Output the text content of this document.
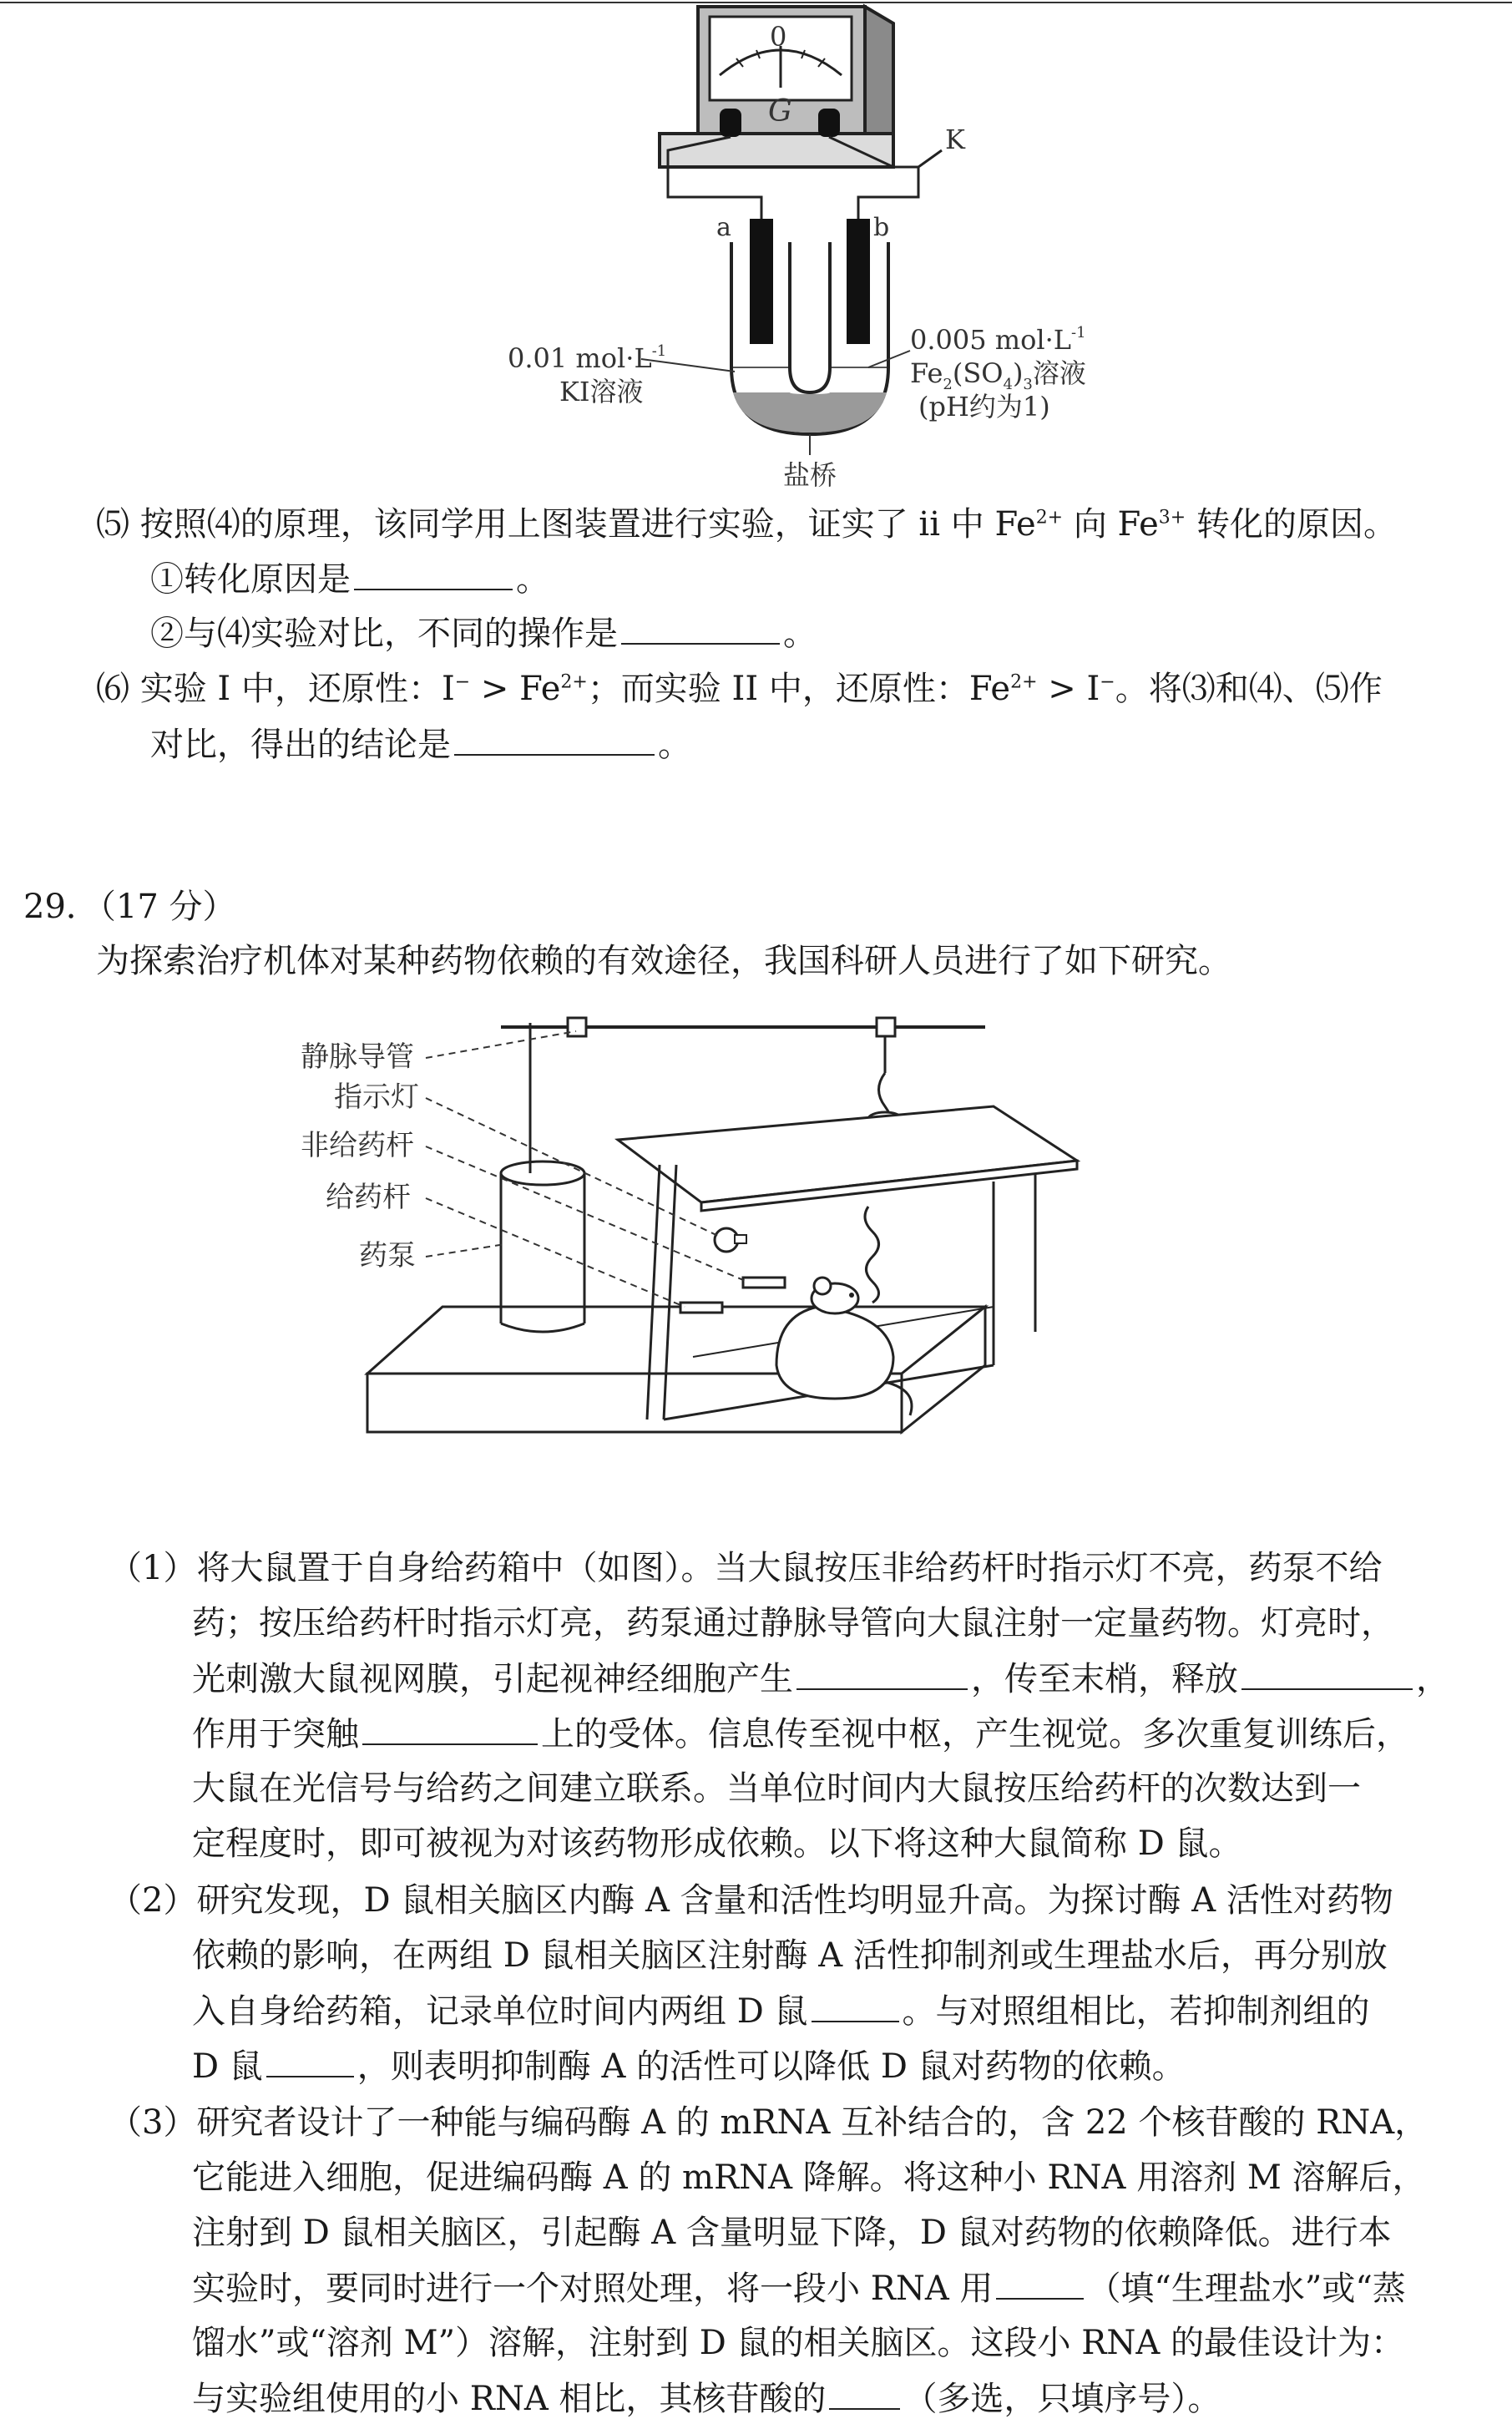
0
G
K
a	b
0.01 $mol\cdot L^{-1}$
KI溶液
0.005 $mol\cdot L^{-1}$
$Fe_2(SO_4)_3$溶液
(pH约为1)
盐桥
⑸ 按照⑷的原理，该同学用上图装置进行实验，证实了 ii 中 $Fe^{2+}$ 向 $Fe^{3+}$ 转化的原因。
①转化原因是	。
②与⑷实验对比，不同的操作是	。
⑹ 实验 I 中，还原性：$I^- > Fe^{2+}$；而实验 II 中，还原性：$Fe^{2+} > I^-$。将⑶和⑷、⑸作
对比，得出的结论是	。
29．（17 分）
为探索治疗机体对某种药物依赖的有效途径，我国科研人员进行了如下研究。
静脉导管
指示灯
非给药杆
给药杆
药泵
（1）将大鼠置于自身给药箱中（如图）。当大鼠按压非给药杆时指示灯不亮，药泵不给
药；按压给药杆时指示灯亮，药泵通过静脉导管向大鼠注射一定量药物。灯亮时，
光刺激大鼠视网膜，引起视神经细胞产生	，传至末梢，释放	，
作用于突触	上的受体。信息传至视中枢，产生视觉。多次重复训练后，
大鼠在光信号与给药之间建立联系。当单位时间内大鼠按压给药杆的次数达到一
定程度时，即可被视为对该药物形成依赖。以下将这种大鼠简称 D 鼠。
（2）研究发现，D 鼠相关脑区内酶 A 含量和活性均明显升高。为探讨酶 A 活性对药物
依赖的影响，在两组 D 鼠相关脑区注射酶 A 活性抑制剂或生理盐水后，再分别放
入自身给药箱，记录单位时间内两组 D 鼠	。与对照组相比，若抑制剂组的
D 鼠	，则表明抑制酶 A 的活性可以降低 D 鼠对药物的依赖。
（3）研究者设计了一种能与编码酶 A 的 mRNA 互补结合的，含 22 个核苷酸的 RNA，
它能进入细胞，促进编码酶 A 的 mRNA 降解。将这种小 RNA 用溶剂 M 溶解后，
注射到 D 鼠相关脑区，引起酶 A 含量明显下降，D 鼠对药物的依赖降低。进行本
实验时，要同时进行一个对照处理，将一段小 RNA 用	（填“生理盐水”或“蒸
馏水”或“溶剂 M”）溶解，注射到 D 鼠的相关脑区。这段小 RNA 的最佳设计为：
与实验组使用的小 RNA 相比，其核苷酸的 （多选，只填序号）。
